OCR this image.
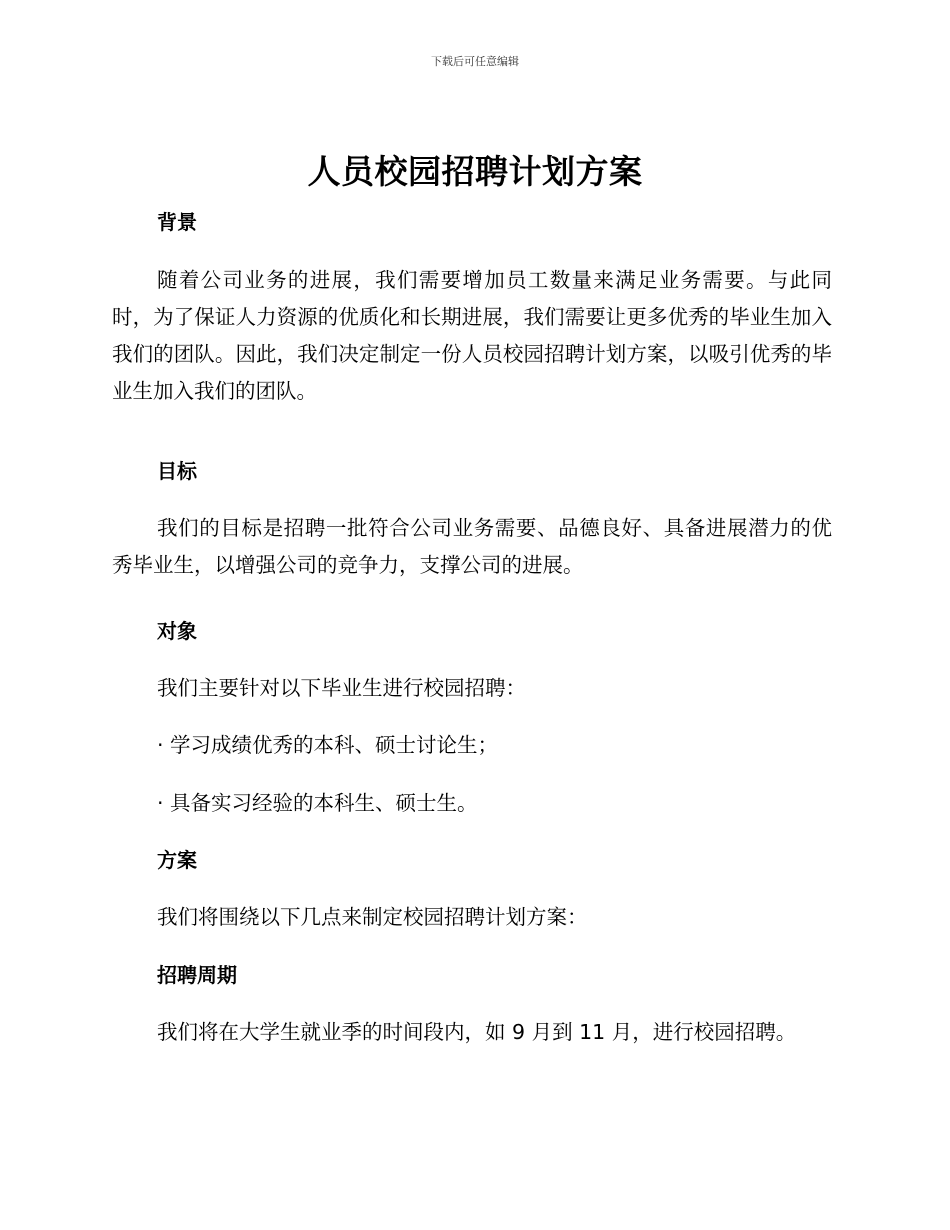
下载后可任意编辑
人员校园招聘计划方案
背景
随着公司业务的进展，我们需要增加员工数量来满足业务需要。与此同时，为了保证人力资源的优质化和长期进展，我们需要让更多优秀的毕业生加入我们的团队。因此，我们决定制定一份人员校园招聘计划方案，以吸引优秀的毕业生加入我们的团队。
目标
我们的目标是招聘一批符合公司业务需要、品德良好、具备进展潜力的优秀毕业生，以增强公司的竞争力，支撑公司的进展。
对象
我们主要针对以下毕业生进行校园招聘：
· 学习成绩优秀的本科、硕士讨论生；
· 具备实习经验的本科生、硕士生。
方案
我们将围绕以下几点来制定校园招聘计划方案：
招聘周期
我们将在大学生就业季的时间段内，如 9 月到 11 月，进行校园招聘。
